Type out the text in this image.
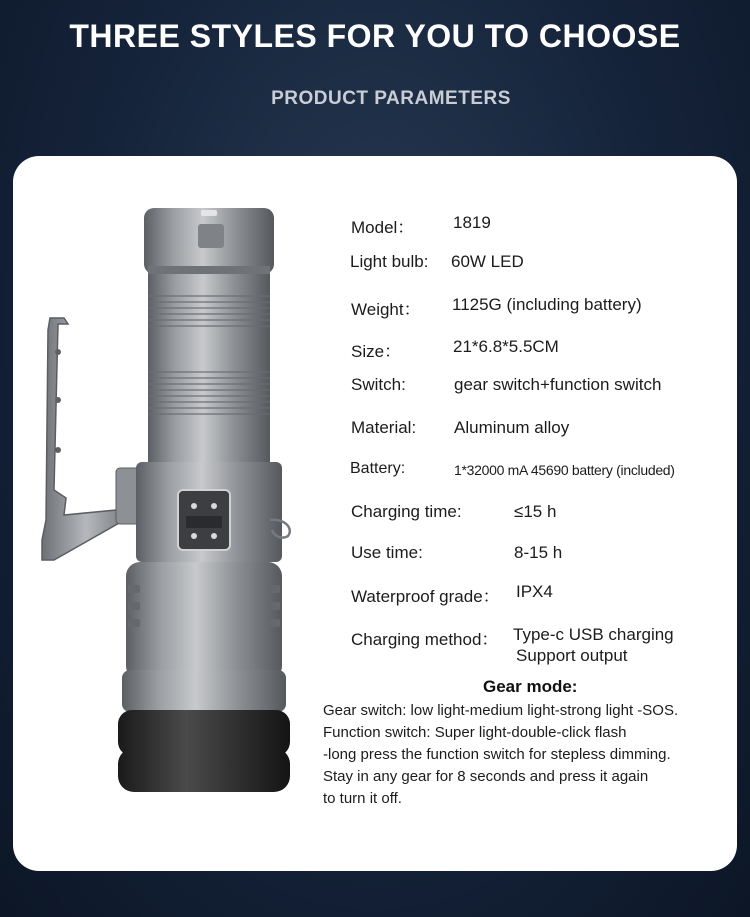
THREE STYLES FOR YOU TO CHOOSE
PRODUCT PARAMETERS
Model： 1819
Light bulb: 60W LED
Weight： 1125G (including battery)
Size：	21*6.8*5.5CM
Switch:	gear switch+function switch
Material: Aluminum alloy
Battery:	1*32000 mA 45690 battery (included)
Charging time:	≤15 h
Use time:	8-15 h
Waterproof grade： IPX4
Charging method： Type-c USB charging
Support output
Gear mode:
Gear switch: low light-medium light-strong light -SOS.
Function switch: Super light-double-click flash
-long press the function switch for stepless dimming.
Stay in any gear for 8 seconds and press it again
to turn it off.
